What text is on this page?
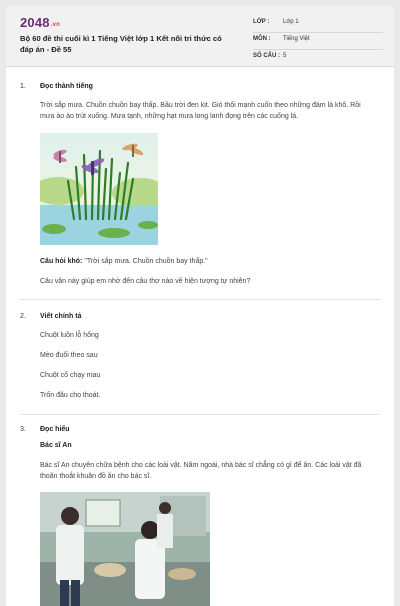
2048.vn
Bộ 60 đề thi cuối kì 1 Tiếng Việt lớp 1 Kết nối tri thức có đáp án - Đề 55
LỚP : Lớp 1
MÔN : Tiếng Việt
SỐ CÂU : 5
1. Đọc thành tiếng
Trời sắp mưa. Chuồn chuồn bay thấp. Bầu trời đen kịt. Gió thổi mạnh cuốn theo những đám lá khô. Rồi mưa ào ào trút xuống. Mưa tạnh, những hạt mưa long lanh đọng trên các cuống lá.
Câu hỏi khó: "Trời sắp mưa. Chuồn chuồn bay thấp."
Câu văn này giúp em nhớ đến câu thơ nào về hiện tượng tự nhiên?
2. Viết chính tả
Chuột luồn lỗ hổng
Mèo đuổi theo sau
Chuột cố chạy mau
Trốn đâu cho thoát.
3. Đọc hiểu
Bác sĩ An
Bác sĩ An chuyên chữa bệnh cho các loài vật. Năm ngoái, nhà bác sĩ chẳng có gì để ăn. Các loài vật đã thoăn thoắt khuân đồ ăn cho bác sĩ.
